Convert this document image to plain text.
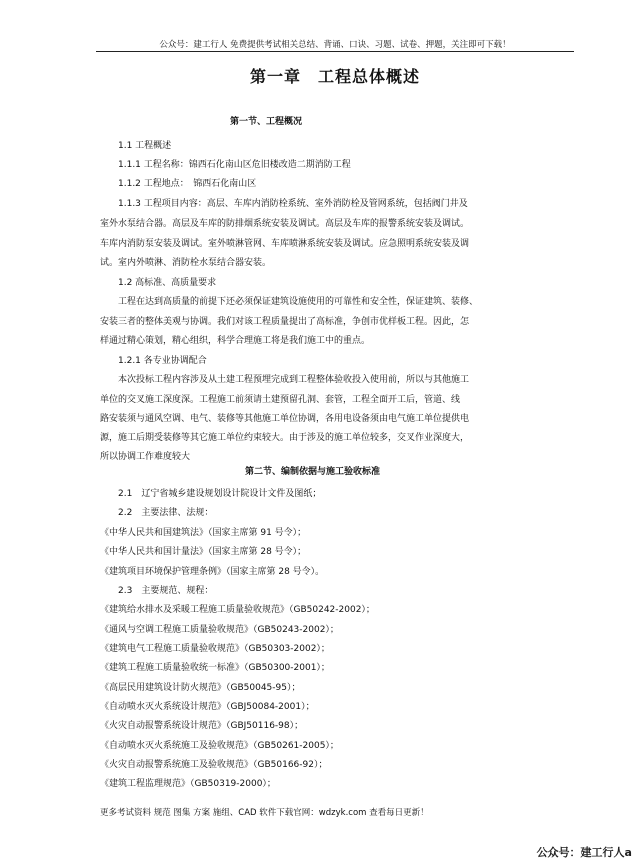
公众号：建工行人 免费提供考试相关总结、背诵、口诀、习题、试卷、押题，关注即可下载！
第一章　工程总体概述
第一节、工程概况
1.1 工程概述
1.1.1 工程名称：锦西石化南山区危旧楼改造二期消防工程
1.1.2 工程地点：　锦西石化南山区
1.1.3 工程项目内容：高层、车库内消防栓系统、室外消防栓及管网系统，包括阀门井及
室外水泵结合器。高层及车库的防排烟系统安装及调试。高层及车库的报警系统安装及调试。
车库内消防泵安装及调试。室外喷淋管网、车库喷淋系统安装及调试。应急照明系统安装及调
试。室内外喷淋、消防栓水泵结合器安装。
1.2 高标准、高质量要求
工程在达到高质量的前提下还必须保证建筑设施使用的可靠性和安全性，保证建筑、装修、
安装三者的整体美观与协调。我们对该工程质量提出了高标准，争创市优样板工程。因此，怎
样通过精心策划，精心组织，科学合理施工将是我们施工中的重点。
1.2.1 各专业协调配合
本次投标工程内容涉及从土建工程预埋完成到工程整体验收投入使用前，所以与其他施工
单位的交叉施工深度深。工程施工前须请土建预留孔洞、套管，工程全面开工后，管道、线
路安装须与通风空调、电气、装修等其他施工单位协调，各用电设备须由电气施工单位提供电
源，施工后期受装修等其它施工单位约束较大。由于涉及的施工单位较多，交叉作业深度大，
所以协调工作难度较大
第二节、编制依据与施工验收标准
2.1　辽宁省城乡建设规划设计院设计文件及图纸；
2.2　主要法律、法规：
《中华人民共和国建筑法》（国家主席第 91 号令）；
《中华人民共和国计量法》（国家主席第 28 号令）；
《建筑项目环境保护管理条例》（国家主席第 28 号令）。
2.3　主要规范、规程：
《建筑给水排水及采暖工程施工质量验收规范》（GB50242-2002）；
《通风与空调工程施工质量验收规范》（GB50243-2002）；
《建筑电气工程施工质量验收规范》（GB50303-2002）；
《建筑工程施工质量验收统一标准》（GB50300-2001）；
《高层民用建筑设计防火规范》（GB50045-95）；
《自动喷水灭火系统设计规范》（GBJ50084-2001）；
《火灾自动报警系统设计规范》（GBJ50116-98）；
《自动喷水灭火系统施工及验收规范》（GB50261-2005）；
《火灾自动报警系统施工及验收规范》（GB50166-92）；
《建筑工程监理规范》（GB50319-2000）；
更多考试资料 规范 图集 方案 施组、CAD 软件下载官网：wdzyk.com 查看每日更新！
公众号：建工行人a
